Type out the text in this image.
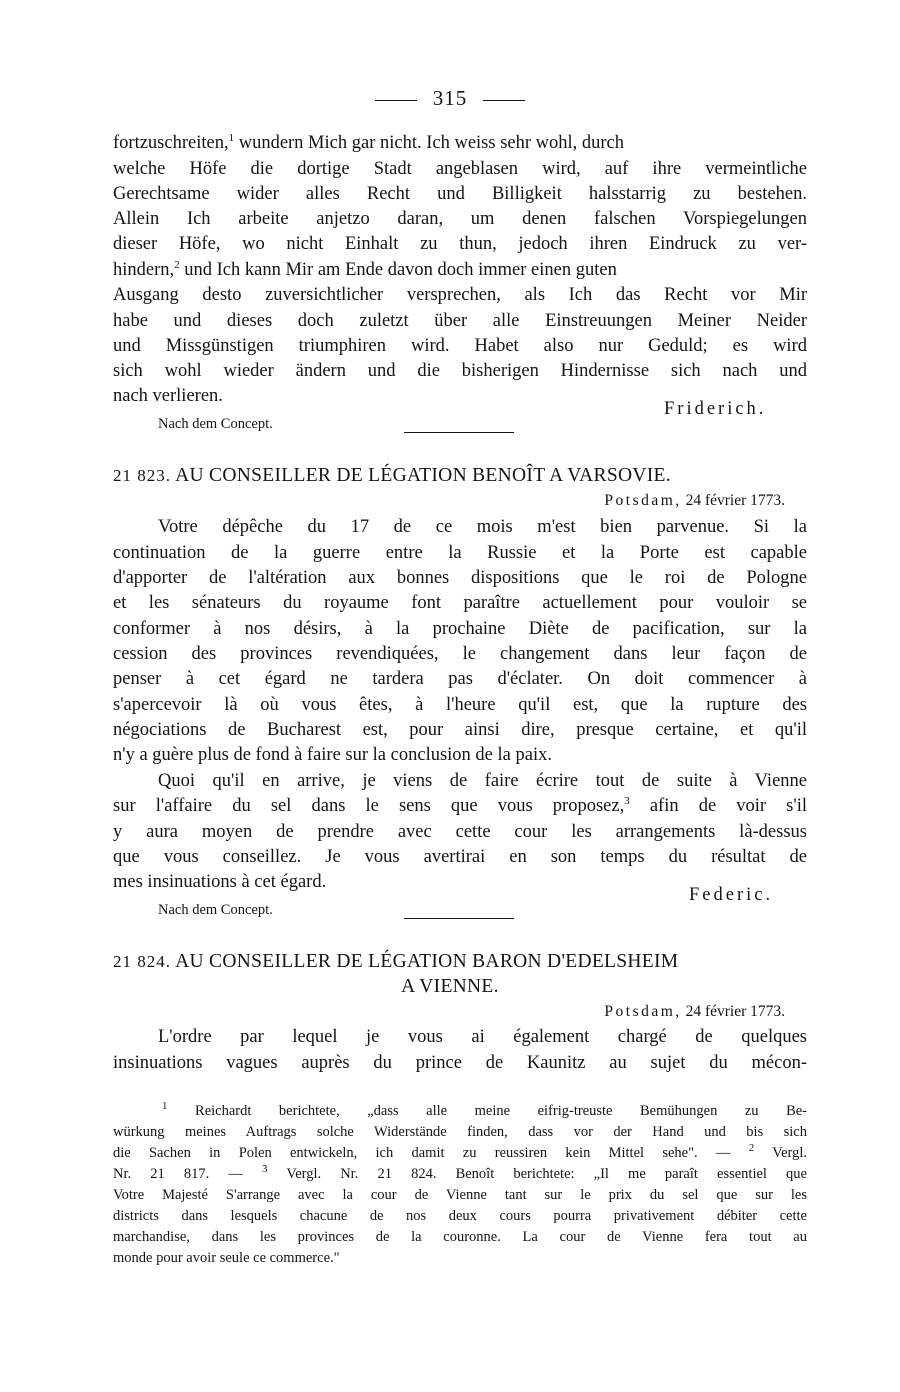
315
fortzuschreiten,$^1$ wundern Mich gar nicht. Ich weiss sehr wohl, durch
welche Höfe die dortige Stadt angeblasen wird, auf ihre vermeintliche
Gerechtsame wider alles Recht und Billigkeit halsstarrig zu bestehen.
Allein Ich arbeite anjetzo daran, um denen falschen Vorspiegelungen
dieser Höfe, wo nicht Einhalt zu thun, jedoch ihren Eindruck zu ver-
hindern,$^2$ und Ich kann Mir am Ende davon doch immer einen guten
Ausgang desto zuversichtlicher versprechen, als Ich das Recht vor Mir
habe und dieses doch zuletzt über alle Einstreuungen Meiner Neider
und Missgünstigen triumphiren wird. Habet also nur Geduld; es wird
sich wohl wieder ändern und die bisherigen Hindernisse sich nach und
nach verlieren.
Friderich.
Nach dem Concept.
21 823. AU CONSEILLER DE LÉGATION BENOÎT A VARSOVIE.
Potsdam, 24 février 1773.
Votre dépêche du 17 de ce mois m'est bien parvenue. Si la
continuation de la guerre entre la Russie et la Porte est capable
d'apporter de l'altération aux bonnes dispositions que le roi de Pologne
et les sénateurs du royaume font paraître actuellement pour vouloir se
conformer à nos désirs, à la prochaine Diète de pacification, sur la
cession des provinces revendiquées, le changement dans leur façon de
penser à cet égard ne tardera pas d'éclater. On doit commencer à
s'apercevoir là où vous êtes, à l'heure qu'il est, que la rupture des
négociations de Bucharest est, pour ainsi dire, presque certaine, et qu'il
n'y a guère plus de fond à faire sur la conclusion de la paix.
Quoi qu'il en arrive, je viens de faire écrire tout de suite à Vienne
sur l'affaire du sel dans le sens que vous proposez,$^3$ afin de voir s'il
y aura moyen de prendre avec cette cour les arrangements là-dessus
que vous conseillez. Je vous avertirai en son temps du résultat de
mes insinuations à cet égard.
Federic.
Nach dem Concept.
21 824. AU CONSEILLER DE LÉGATION BARON D'EDELSHEIM
A VIENNE.
Potsdam, 24 février 1773.
L'ordre par lequel je vous ai également chargé de quelques
insinuations vagues auprès du prince de Kaunitz au sujet du mécon-
$^1$ Reichardt berichtete, „dass alle meine eifrig-treuste Bemühungen zu Be-
würkung meines Auftrags solche Widerstände finden, dass vor der Hand und bis sich
die Sachen in Polen entwickeln, ich damit zu reussiren kein Mittel sehe". — $^2$ Vergl.
Nr. 21 817. — $^3$ Vergl. Nr. 21 824. Benoît berichtete: „Il me paraît essentiel que
Votre Majesté S'arrange avec la cour de Vienne tant sur le prix du sel que sur les
districts dans lesquels chacune de nos deux cours pourra privativement débiter cette
marchandise, dans les provinces de la couronne. La cour de Vienne fera tout au
monde pour avoir seule ce commerce."
